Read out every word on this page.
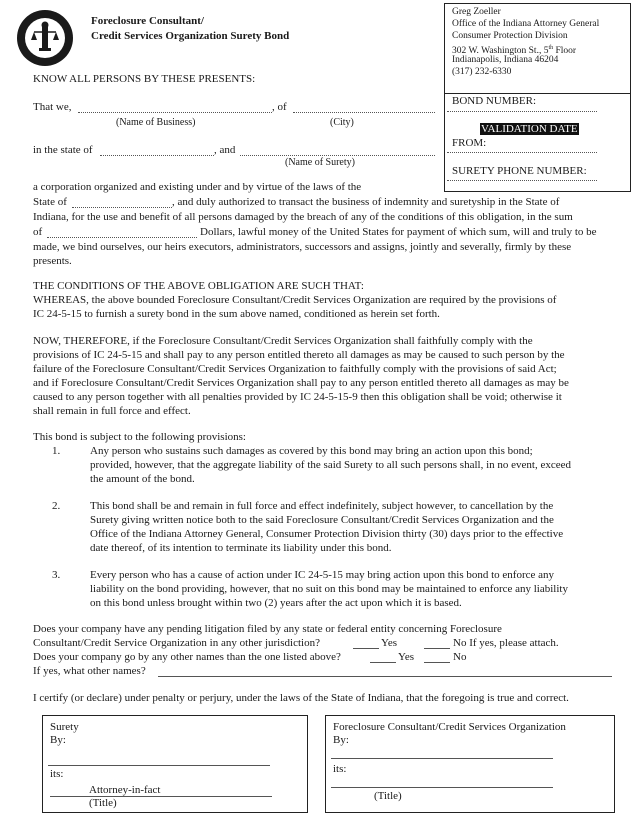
Foreclosure Consultant/
Credit Services Organization Surety Bond
Greg Zoeller
Office of the Indiana Attorney General
Consumer Protection Division
302 W. Washington St., 5th Floor
Indianapolis, Indiana 46204
(317) 232-6330
BOND NUMBER:
VALIDATION DATE
FROM:
SURETY PHONE NUMBER:
KNOW ALL PERSONS BY THESE PRESENTS:
That we,	, of
(Name of Business)	(City)
in the state of	, and
(Name of Surety)
a corporation organized and existing under and by virtue of the laws of the
State of	, and duly authorized to transact the business of indemnity and suretyship in the State of
Indiana, for the use and benefit of all persons damaged by the breach of any of the conditions of this obligation, in the sum
of	Dollars, lawful money of the United States for payment of which sum, will and truly to be
made, we bind ourselves, our heirs executors, administrators, successors and assigns, jointly and severally, firmly by these
presents.
THE CONDITIONS OF THE ABOVE OBLIGATION ARE SUCH THAT:
WHEREAS, the above bounded Foreclosure Consultant/Credit Services Organization are required by the provisions of
IC 24-5-15 to furnish a surety bond in the sum above named, conditioned as herein set forth.
NOW, THEREFORE, if the Foreclosure Consultant/Credit Services Organization shall faithfully comply with the
provisions of IC 24-5-15 and shall pay to any person entitled thereto all damages as may be caused to such person by the
failure of the Foreclosure Consultant/Credit Services Organization to faithfully comply with the provisions of said Act;
and if Foreclosure Consultant/Credit Services Organization shall pay to any person entitled thereto all damages as may be
caused to any person together with all penalties provided by IC 24-5-15-9 then this obligation shall be void; otherwise it
shall remain in full force and effect.
This bond is subject to the following provisions:
1.	Any person who sustains such damages as covered by this bond may bring an action upon this bond;
provided, however, that the aggregate liability of the said Surety to all such persons shall, in no event, exceed
the amount of the bond.
2.	This bond shall be and remain in full force and effect indefinitely, subject however, to cancellation by the
Surety giving written notice both to the said Foreclosure Consultant/Credit Services Organization and the
Office of the Indiana Attorney General, Consumer Protection Division thirty (30) days prior to the effective
date thereof, of its intention to terminate its liability under this bond.
3.	Every person who has a cause of action under IC 24-5-15 may bring action upon this bond to enforce any
liability on the bond providing, however, that no suit on this bond may be maintained to enforce any liability
on this bond unless brought within two (2) years after the act upon which it is based.
Does your company have any pending litigation filed by any state or federal entity concerning Foreclosure
Consultant/Credit Service Organization in any other jurisdiction?	Yes	No If yes, please attach.
Does your company go by any other names than the one listed above?	Yes	No
If yes, what other names?
I certify (or declare) under penalty or perjury, under the laws of the State of Indiana, that the foregoing is true and correct.
Surety
By:
its:
Attorney-in-fact
(Title)
Foreclosure Consultant/Credit Services Organization
By:
its:
(Title)
